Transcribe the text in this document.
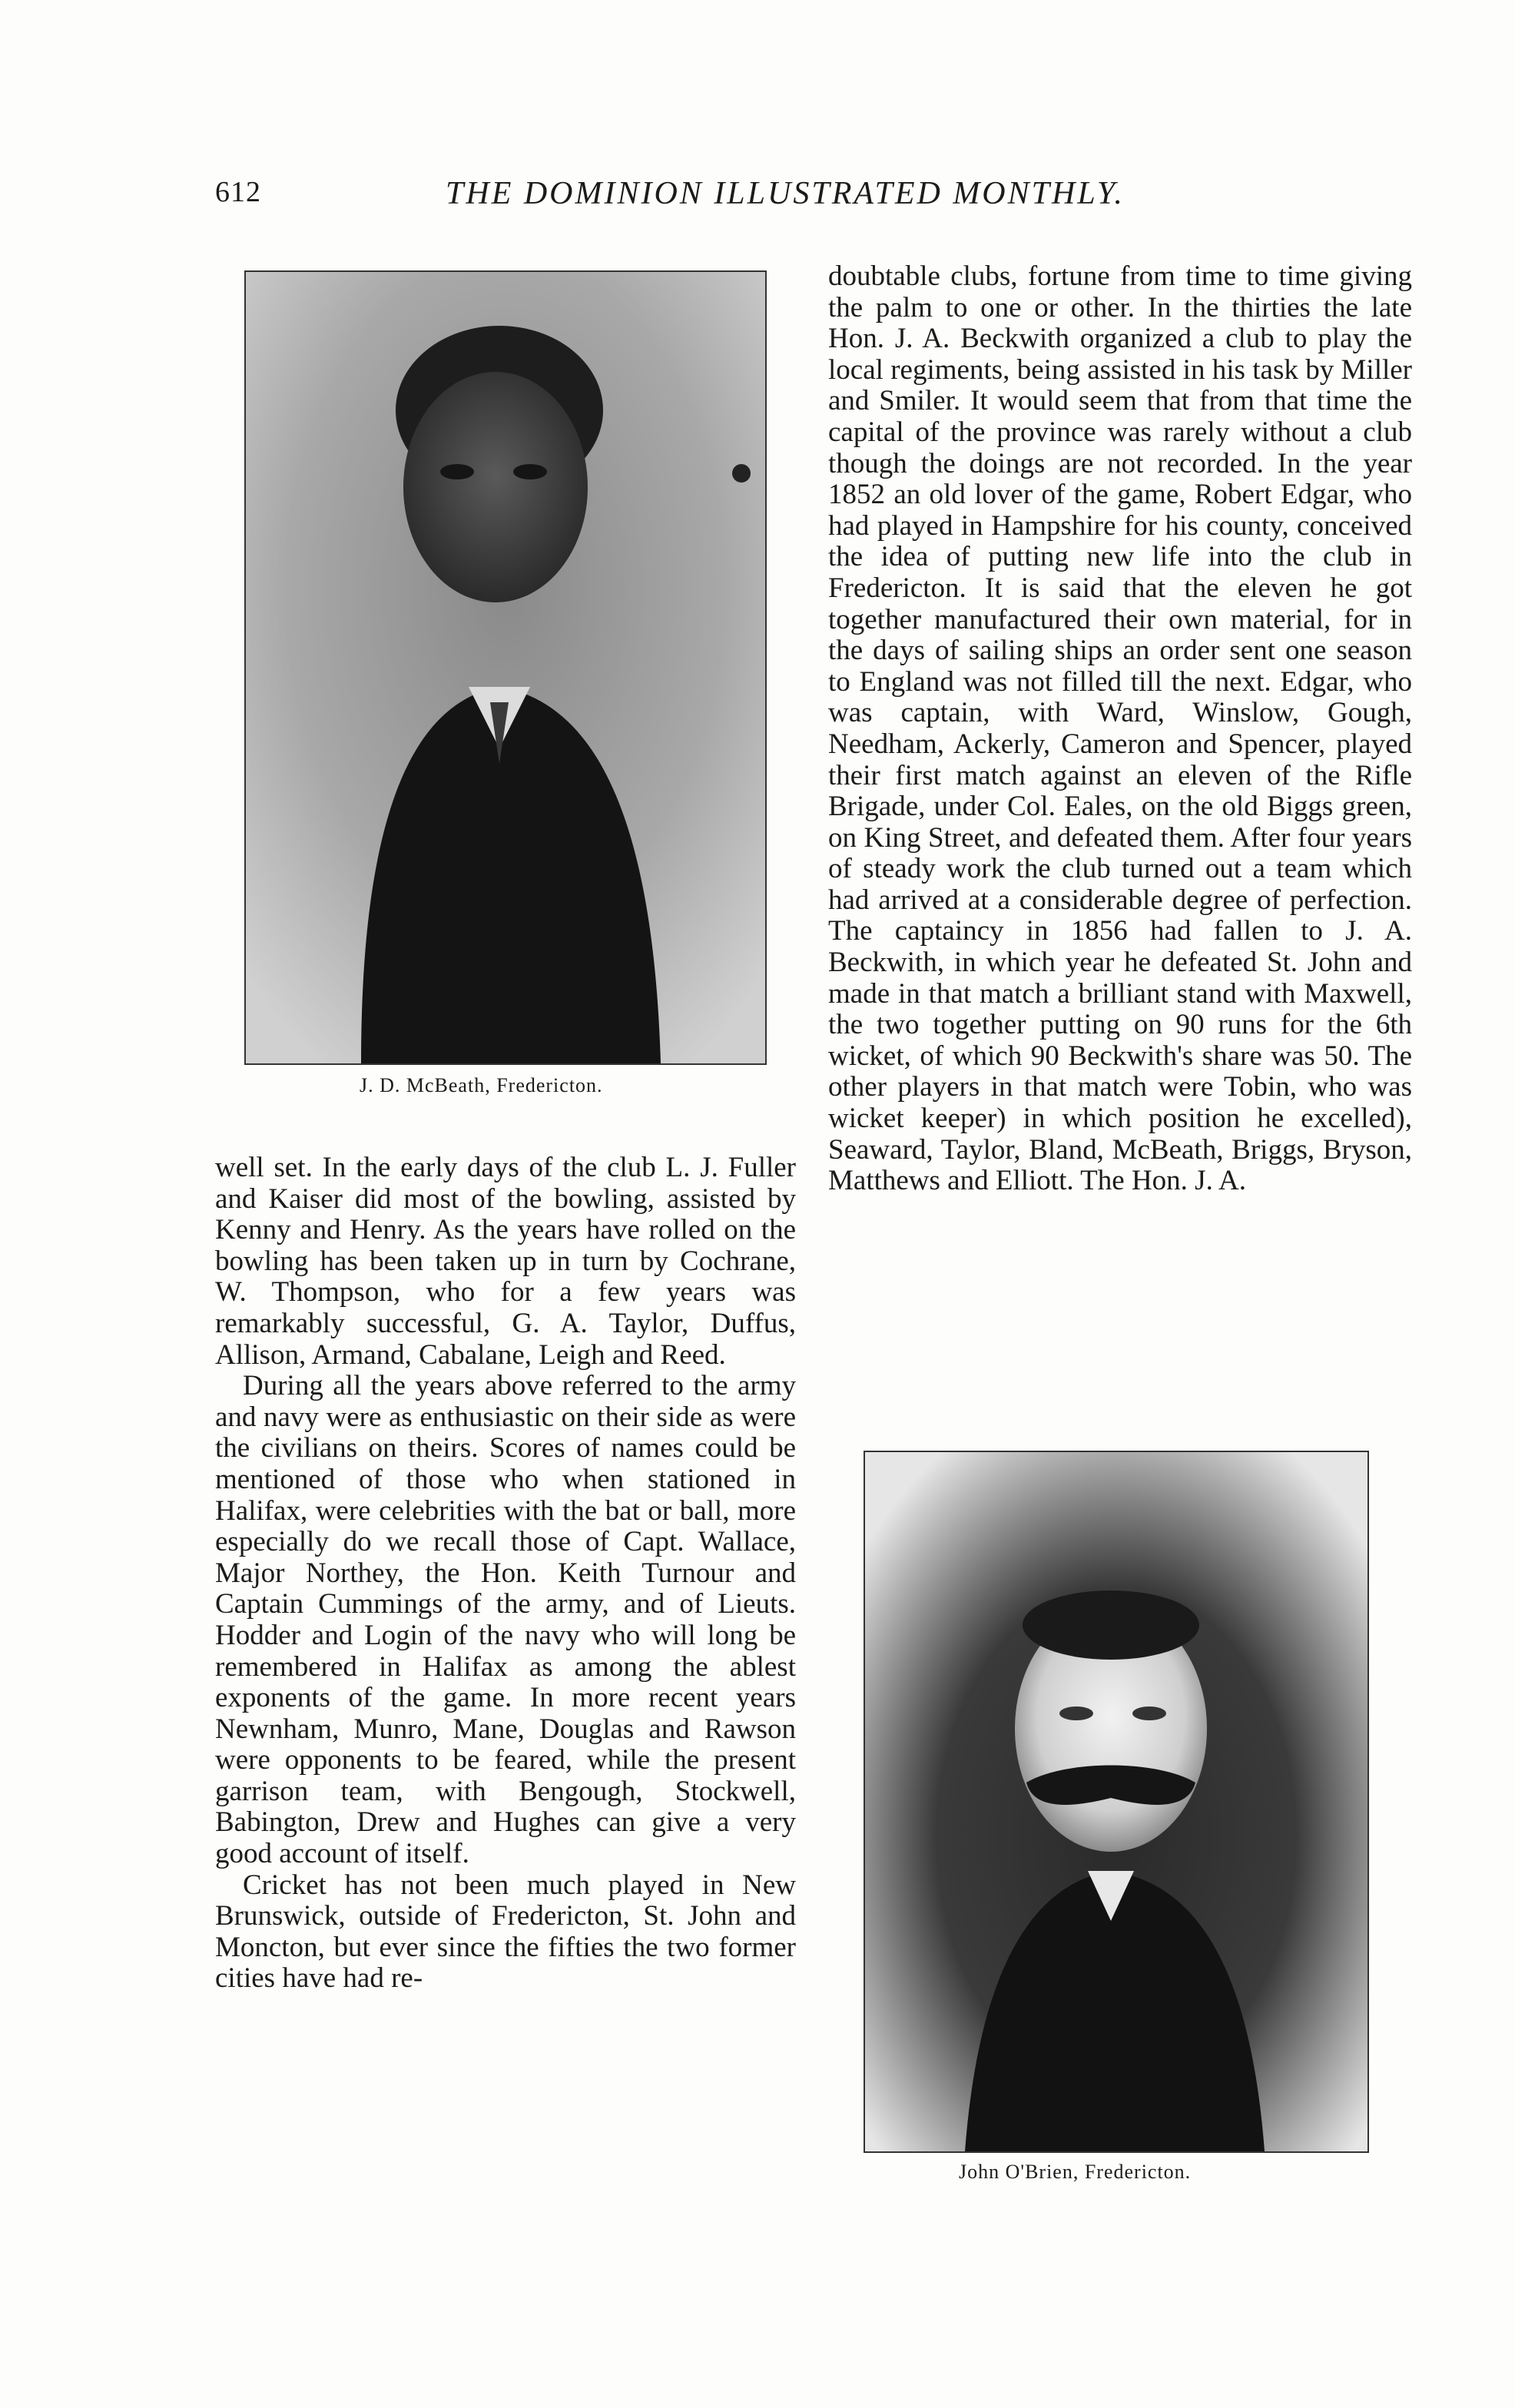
612	THE DOMINION ILLUSTRATED MONTHLY.
J. D. McBeath, Fredericton.
John O'Brien, Fredericton.

well set. In the early days of the club L. J. Fuller and Kaiser did most of the bowling, assisted by Kenny and Henry. As the years have rolled on the bowling has been taken up in turn by Cochrane, W. Thompson, who for a few years was remarkably successful, G. A. Taylor, Duffus, Allison, Armand, Cabalane, Leigh and Reed.

During all the years above referred to the army and navy were as enthusiastic on their side as were the civilians on theirs. Scores of names could be mentioned of those who when stationed in Halifax, were celebrities with the bat or ball, more especially do we recall those of Capt. Wallace, Major Northey, the Hon. Keith Turnour and Captain Cummings of the army, and of Lieuts. Hodder and Login of the navy who will long be remembered in Halifax as among the ablest exponents of the game. In more recent years Newnham, Munro, Mane, Douglas and Rawson were opponents to be feared, while the present garrison team, with Bengough, Stockwell, Babington, Drew and Hughes can give a very good account of itself.

Cricket has not been much played in New Brunswick, outside of Fredericton, St. John and Moncton, but ever since the fifties the two former cities have had re-

doubtable clubs, fortune from time to time giving the palm to one or other. In the thirties the late Hon. J. A. Beckwith organized a club to play the local regiments, being assisted in his task by Miller and Smiler. It would seem that from that time the capital of the province was rarely without a club though the doings are not recorded. In the year 1852 an old lover of the game, Robert Edgar, who had played in Hampshire for his county, conceived the idea of putting new life into the club in Fredericton. It is said that the eleven he got together manufactured their own material, for in the days of sailing ships an order sent one season to England was not filled till the next. Edgar, who was captain, with Ward, Winslow, Gough, Needham, Ackerly, Cameron and Spencer, played their first match against an eleven of the Rifle Brigade, under Col. Eales, on the old Biggs green, on King Street, and defeated them. After four years of steady work the club turned out a team which had arrived at a considerable degree of perfection. The captaincy in 1856 had fallen to J. A. Beckwith, in which year he defeated St. John and made in that match a brilliant stand with Maxwell, the two together putting on 90 runs for the 6th wicket, of which 90 Beckwith's share was 50. The other players in that match were Tobin, who was wicket keeper) in which position he excelled), Seaward, Taylor, Bland, McBeath, Briggs, Bryson, Matthews and Elliott. The Hon. J. A.
